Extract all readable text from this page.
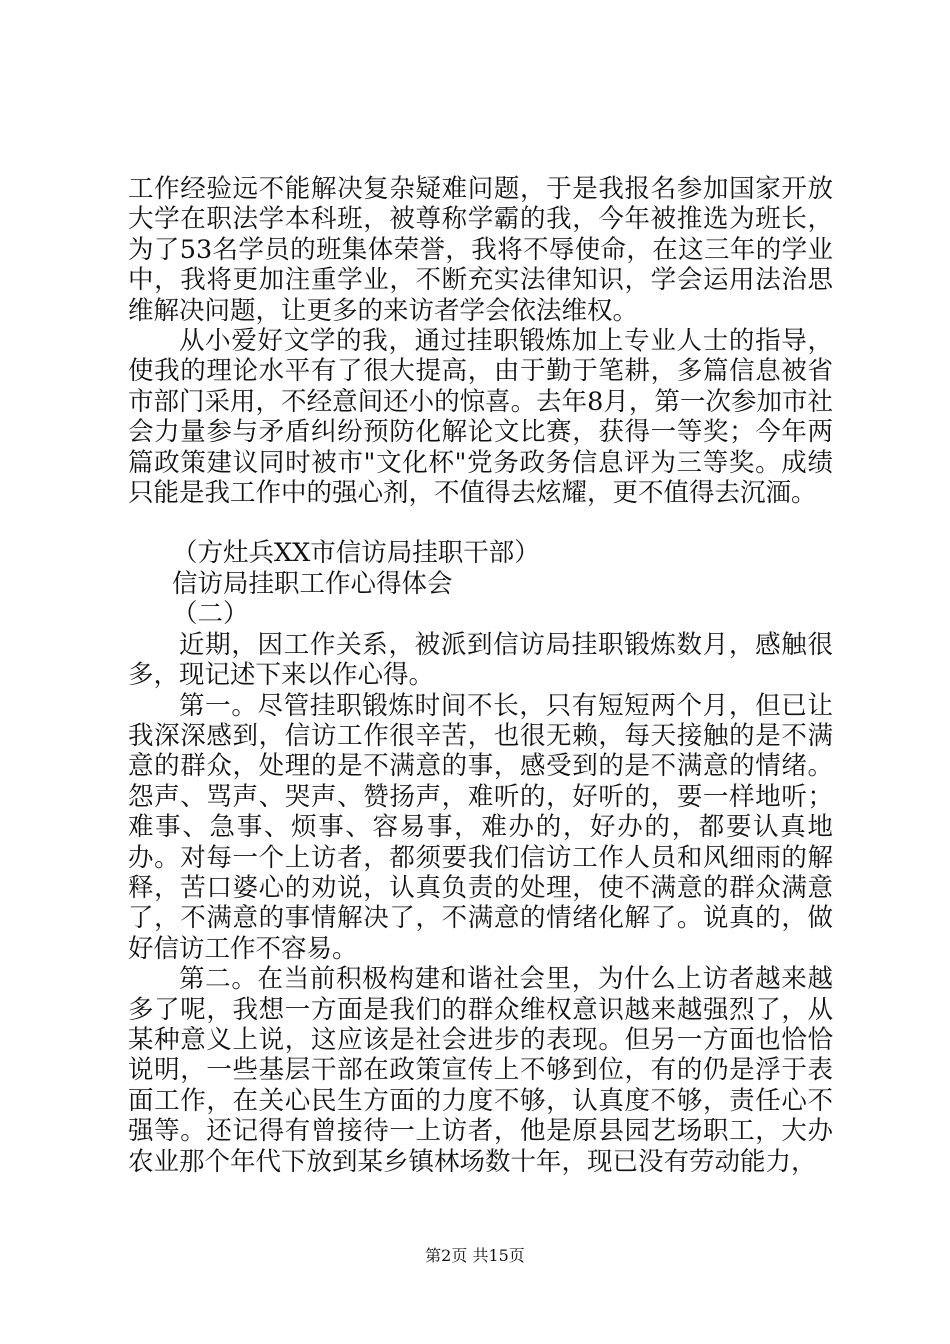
工作经验远不能解决复杂疑难问题，于是我报名参加国家开放大学在职法学本科班，被尊称学霸的我，今年被推选为班长，为了53名学员的班集体荣誉，我将不辱使命，在这三年的学业中，我将更加注重学业，不断充实法律知识，学会运用法治思维解决问题，让更多的来访者学会依法维权。

从小爱好文学的我，通过挂职锻炼加上专业人士的指导，使我的理论水平有了很大提高，由于勤于笔耕，多篇信息被省市部门采用，不经意间还小的惊喜。去年8月，第一次参加市社会力量参与矛盾纠纷预防化解论文比赛，获得一等奖；今年两篇政策建议同时被市"文化杯"党务政务信息评为三等奖。成绩只能是我工作中的强心剂，不值得去炫耀，更不值得去沉湎。

（方灶兵XX市信访局挂职干部）

信访局挂职工作心得体会

（二）

近期，因工作关系，被派到信访局挂职锻炼数月，感触很多，现记述下来以作心得。

第一。尽管挂职锻炼时间不长，只有短短两个月，但已让我深深感到，信访工作很辛苦，也很无赖，每天接触的是不满意的群众，处理的是不满意的事，感受到的是不满意的情绪。怨声、骂声、哭声、赞扬声，难听的，好听的，要一样地听；难事、急事、烦事、容易事，难办的，好办的，都要认真地办。对每一个上访者，都须要我们信访工作人员和风细雨的解释，苦口婆心的劝说，认真负责的处理，使不满意的群众满意了，不满意的事情解决了，不满意的情绪化解了。说真的，做好信访工作不容易。

第二。在当前积极构建和谐社会里，为什么上访者越来越多了呢，我想一方面是我们的群众维权意识越来越强烈了，从某种意义上说，这应该是社会进步的表现。但另一方面也恰恰说明，一些基层干部在政策宣传上不够到位，有的仍是浮于表面工作，在关心民生方面的力度不够，认真度不够，责任心不强等。还记得有曾接待一上访者，他是原县园艺场职工，大办农业那个年代下放到某乡镇林场数十年，现已没有劳动能力，

第2页 共15页
